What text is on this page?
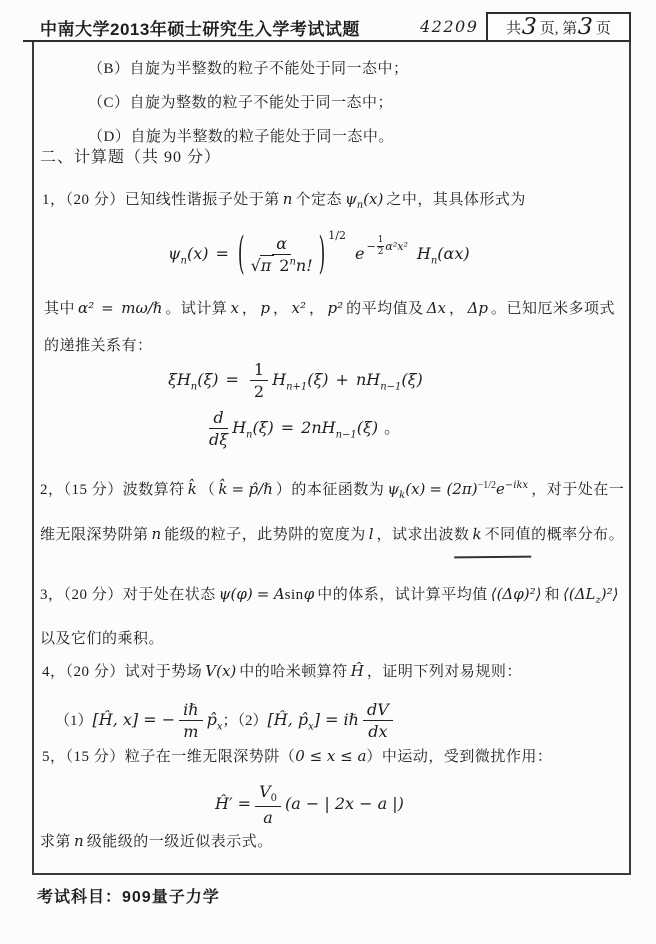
中南大学2013年硕士研究生入学考试试题	42209 共 3 页, 第 3 页
（B）自旋为半整数的粒子不能处于同一态中；
（C）自旋为整数的粒子不能处于同一态中；
（D）自旋为半整数的粒子能处于同一态中。
二、计算题（共 90 分）
1，（20 分）已知线性谐振子处于第 n 个定态 $\psi_n(x)$ 之中，其具体形式为
$\psi_n(x)$ = ( $\frac{\alpha}{√\pi 2^nn!}$ ) $^{1/2}e - \frac{1}{2} \alpha^2x^2$ $H_n(\alpha x)$
其中 α² = mω/ℏ 。试计算 x ， p ， x² ， p² 的平均值及 Δx ， Δp 。已知厄米多项式的递推关系有：
$\xi H_n(\xi) = \frac{1}{2} H_{n+1}(\xi) + nH_{n-1}(\xi)$
$\frac{d}{d\xi} H_n(\xi) = 2nH_{n-1}(\xi)$ 。
2，（15 分）波数算符 k̂ （ k̂ = p̂/ℏ ）的本征函数为 $\psi_k(x) = (2\pi)^{-1/2}e^{-ikx}$ ，对于处在一维无限深势阱第 n 能级的粒子，此势阱的宽度为 l ，试求出波数 k 不同值的概率分布。
3，（20 分）对于处在状态 ψ(φ) = Asinφ 中的体系，试计算平均值 ⟨(Δφ)²⟩ 和 $⟨(\Delta L_z)^2⟩$以及它们的乘积。
4，（20 分）试对于势场 V(x) 中的哈米顿算符 Ĥ ，证明下列对易规则：
（1）[Ĥ, x] = − $\frac{\text{iℏ}}{m}$ $p̂_x$；（2）[Ĥ, $p̂_x$] = iℏ $\frac{dV}{dx}$
5，（15 分）粒子在一维无限深势阱（0 ≤ x ≤ a）中运动，受到微扰作用：
Ĥ′ = $\frac{V_0}{a} (a$ − | 2x − a |)
求第 n 级能级的一级近似表示式。
考试科目：909量子力学
